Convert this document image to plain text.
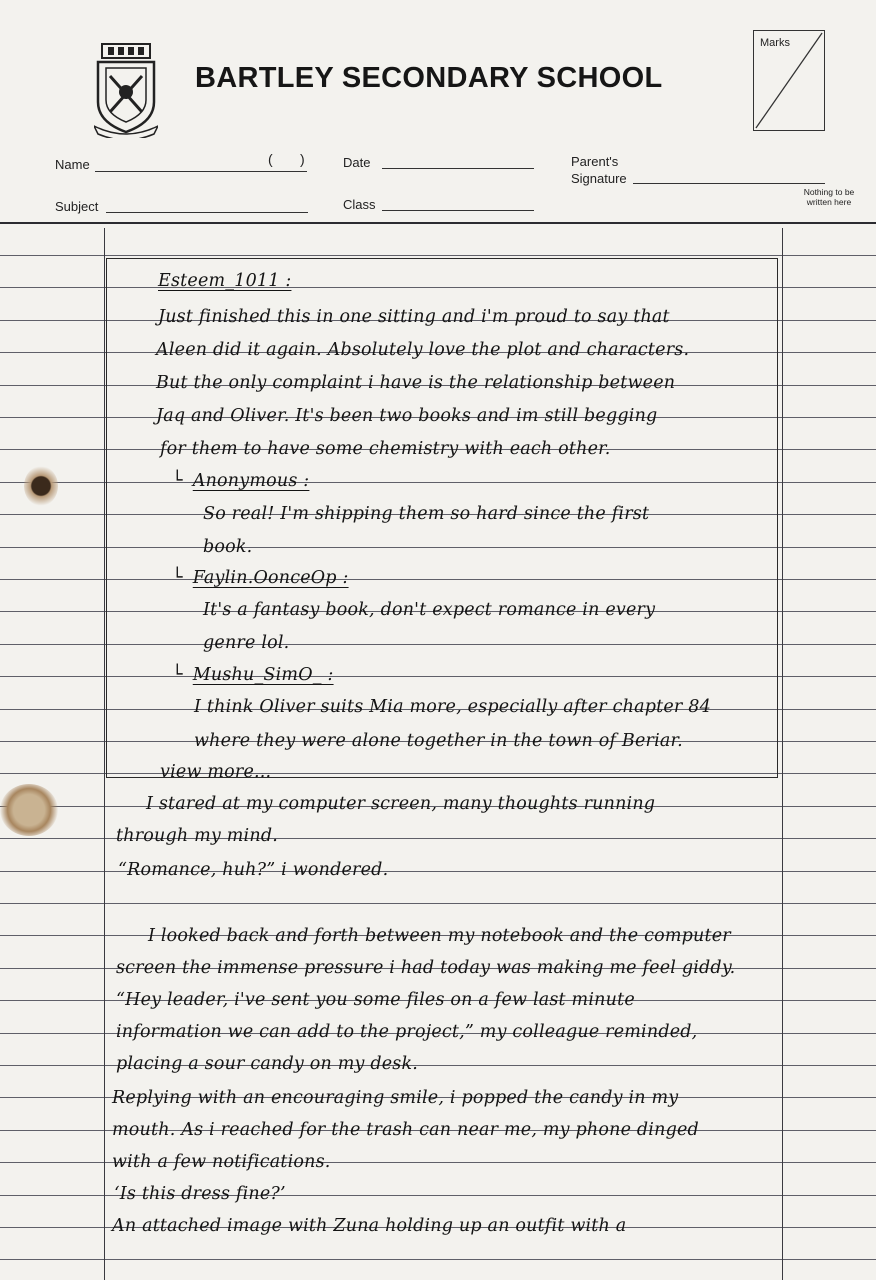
BARTLEY SECONDARY SCHOOL
Marks
Name	( )	Date	Parent's
Signature
Subject	Class
Nothing to be written here
Esteem_1011 :
Just finished this in one sitting and i'm proud to say that
Aleen did it again. Absolutely love the plot and characters.
But the only complaint i have is the relationship between
Jaq and Oliver. It's been two books and im still begging
for them to have some chemistry with each other.
└ Anonymous :
So real! I'm shipping them so hard since the first
book.
└ Faylin.OonceOp :
It's a fantasy book, don't expect romance in every
genre lol.
└ Mushu_SimO_ :
I think Oliver suits Mia more, especially after chapter 84
where they were alone together in the town of Beriar.
view more...
I stared at my computer screen, many thoughts running
through my mind.
“Romance, huh?” i wondered.
I looked back and forth between my notebook and the computer
screen the immense pressure i had today was making me feel giddy.
“Hey leader, i've sent you some files on a few last minute
information we can add to the project,” my colleague reminded,
placing a sour candy on my desk.
Replying with an encouraging smile, i popped the candy in my
mouth. As i reached for the trash can near me, my phone dinged
with a few notifications.
‘Is this dress fine?’
An attached image with Zuna holding up an outfit with a
